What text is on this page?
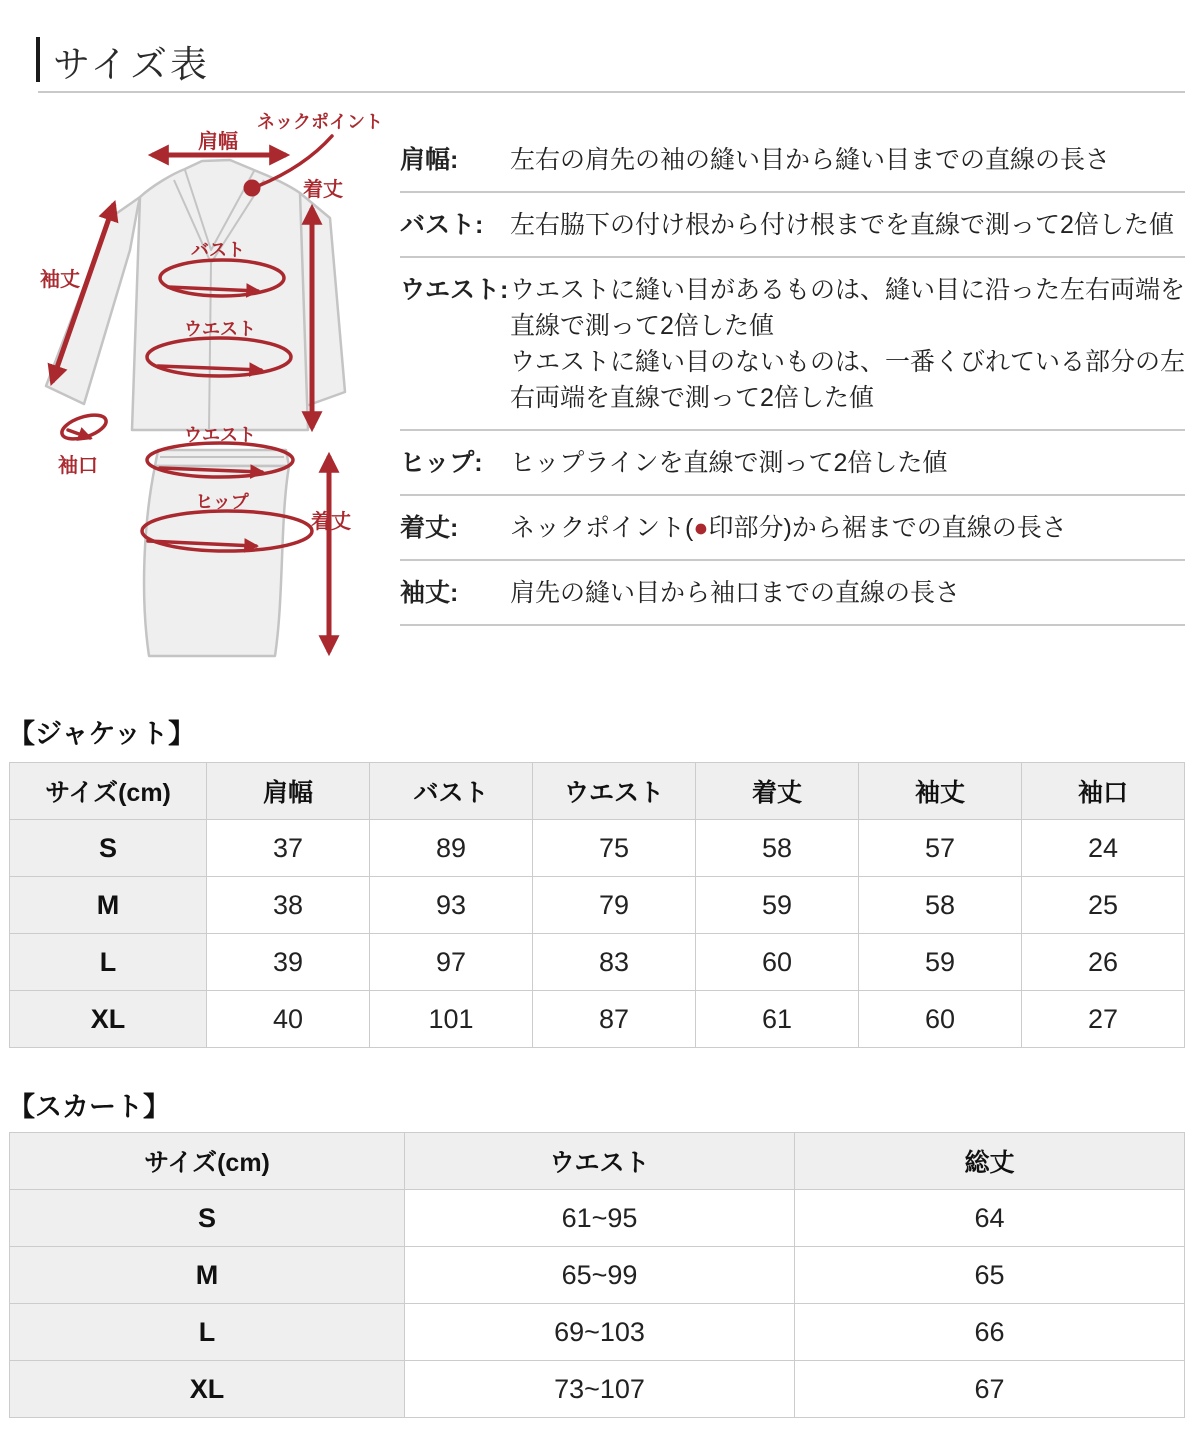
サイズ表
肩幅
ネックポイント
着丈
袖丈
バスト
ウエスト
袖口
ウエスト
ヒップ
着丈
肩幅:	左右の肩先の袖の縫い目から縫い目までの直線の長さ
バスト:	左右脇下の付け根から付け根までを直線で測って2倍した値
ウエスト: ウエストに縫い目があるものは、縫い目に沿った左右両端を直線で測って2倍した値
ウエストに縫い目のないものは、一番くびれている部分の左右両端を直線で測って2倍した値
ヒップ:	ヒップラインを直線で測って2倍した値
着丈:	ネックポイント(●印部分)から裾までの直線の長さ
袖丈:	肩先の縫い目から袖口までの直線の長さ
【ジャケット】
サイズ(cm)	肩幅	バスト	ウエスト	着丈	袖丈	袖口
S	37	89	75	58	57	24
M	38	93	79	59	58	25
L	39	97	83	60	59	26
XL	40	101	87	61	60	27
【スカート】
サイズ(cm)	ウエスト	総丈
S	61~95	64
M	65~99	65
L	69~103	66
XL	73~107	67
